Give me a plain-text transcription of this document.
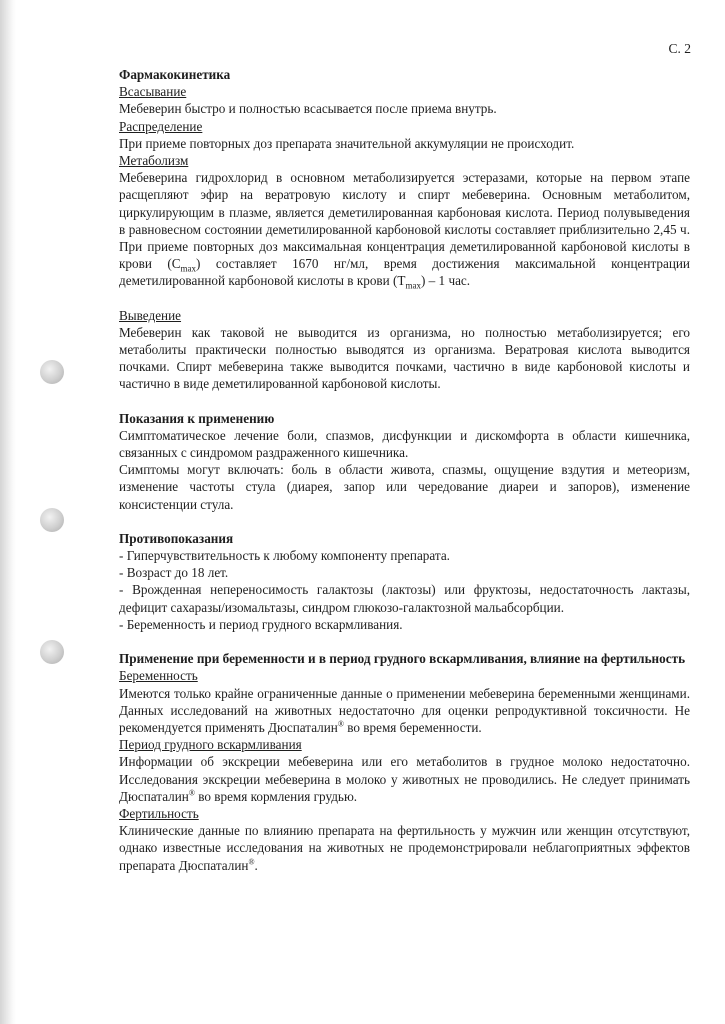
С. 2

Фармакокинетика

Всасывание

Мебеверин быстро и полностью всасывается после приема внутрь.

Распределение

При приеме повторных доз препарата значительной аккумуляции не происходит.

Метаболизм

Мебеверина гидрохлорид в основном метаболизируется эстеразами, которые на первом этапе расщепляют эфир на вератровую кислоту и спирт мебеверина. Основным метаболитом, циркулирующим в плазме, является деметилированная карбоновая кислота. Период полувыведения в равновесном состоянии деметилированной карбоновой кислоты составляет приблизительно 2,45 ч. При приеме повторных доз максимальная концентрация деметилированной карбоновой кислоты в крови $(C_{max})$ составляет 1670 нг/мл, время достижения максимальной концентрации деметилированной карбоновой кислоты в крови $(T_{max}) - 1$ час.

Выведение

Мебеверин как таковой не выводится из организма, но полностью метаболизируется; его метаболиты практически полностью выводятся из организма. Вератровая кислота выводится почками. Спирт мебеверина также выводится почками, частично в виде карбоновой кислоты и частично в виде деметилированной карбоновой кислоты.

Показания к применению

Симптоматическое лечение боли, спазмов, дисфункции и дискомфорта в области кишечника, связанных с синдромом раздраженного кишечника.

Симптомы могут включать: боль в области живота, спазмы, ощущение вздутия и метеоризм, изменение частоты стула (диарея, запор или чередование диареи и запоров), изменение консистенции стула.

Противопоказания

- Гиперчувствительность к любому компоненту препарата.

- Возраст до 18 лет.

- Врожденная непереносимость галактозы (лактозы) или фруктозы, недостаточность лактазы, дефицит сахаразы/изомальтазы, синдром глюкозо-галактозной мальабсорбции.

- Беременность и период грудного вскармливания.

Применение при беременности и в период грудного вскармливания, влияние на фертильность

Беременность

Имеются только крайне ограниченные данные о применении мебеверина беременными женщинами. Данных исследований на животных недостаточно для оценки репродуктивной токсичности. Не рекомендуется применять Дюспаталин® во время беременности.

Период грудного вскармливания

Информации об экскреции мебеверина или его метаболитов в грудное молоко недостаточно. Исследования экскреции мебеверина в молоко у животных не проводились. Не следует принимать Дюспаталин® во время кормления грудью.

Фертильность

Клинические данные по влиянию препарата на фертильность у мужчин или женщин отсутствуют, однако известные исследования на животных не продемонстрировали неблагоприятных эффектов препарата Дюспаталин®.
